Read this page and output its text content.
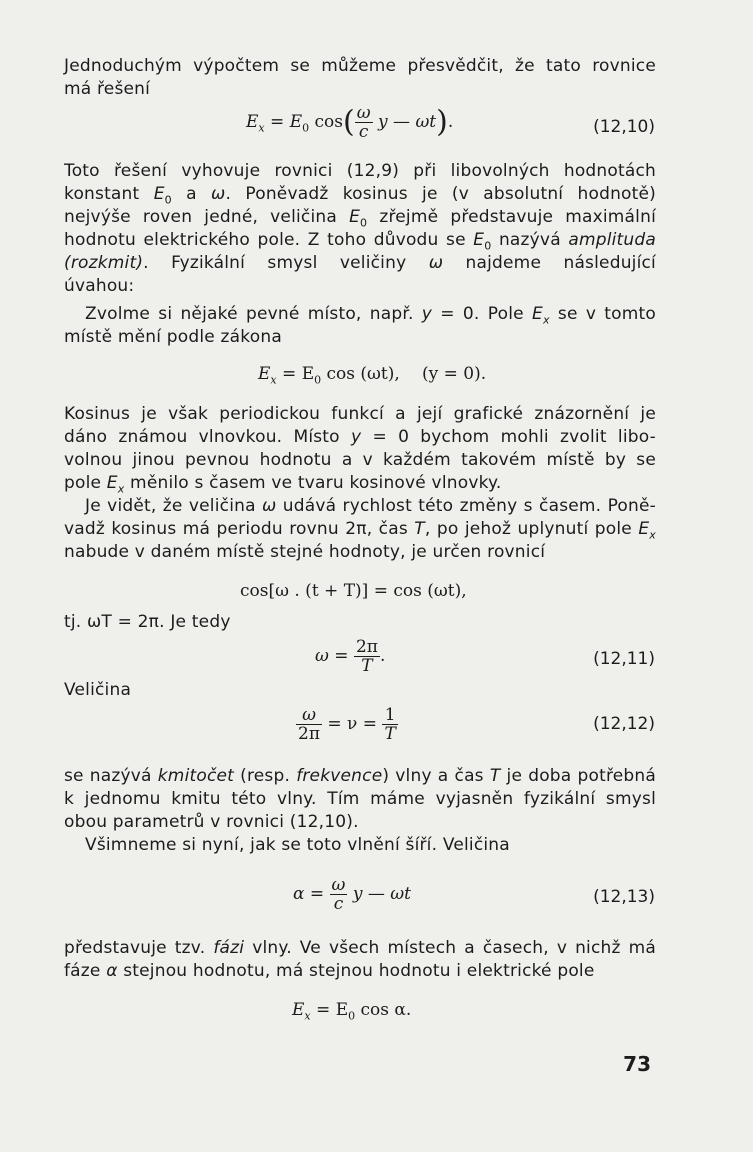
Jednoduchým výpočtem se můžeme přesvědčit, že tato rovnice
má řešení
$E_x = E_0$ $\cos( \frac{\omega}{c}$ y — ωt).	(12,10)
Toto řešení vyhovuje rovnici (12,9) při libovolných hodnotách
konstant $E_0$ a ω. Poněvadž kosinus je (v absolutní hodnotě)
nejvýše roven jedné, veličina $E_0$ zřejmě představuje maximální
hodnotu elektrického pole. Z toho důvodu se $E_0$ nazývá amplituda
(rozkmit). Fyzikální smysl veličiny ω najdeme následující
úvahou:
Zvolme si nějaké pevné místo, např. y = 0. Pole $E_x$ se v tomto
místě mění podle zákona
$E_x = E_0$ cos (ωt), (y = 0).
Kosinus je však periodickou funkcí a její grafické znázornění je
dáno známou vlnovkou. Místo y = 0 bychom mohli zvolit libo-
volnou jinou pevnou hodnotu a v každém takovém místě by se
pole $E_x$ měnilo s časem ve tvaru kosinové vlnovky.
Je vidět, že veličina ω udává rychlost této změny s časem. Poně-
vadž kosinus má periodu rovnu 2π, čas T, po jehož uplynutí pole $E_x$
nabude v daném místě stejné hodnoty, je určen rovnicí
cos[ω . (t + T)] = cos (ωt),
tj. ωT = 2π. Je tedy
$\omega = \frac{2\pi}{T}$ .	(12,11)
Veličina
$\frac{\omega}{2\pi} = \nu = \frac{1}{T}$	(12,12)
se nazývá kmitočet (resp. frekvence) vlny a čas T je doba potřebná
k jednomu kmitu této vlny. Tím máme vyjasněn fyzikální smysl
obou parametrů v rovnici (12,10).
Všimneme si nyní, jak se toto vlnění šíří. Veličina
$\alpha = \frac{\omega}{c}$ y — ωt	(12,13)
představuje tzv. fázi vlny. Ve všech místech a časech, v nichž má
fáze α stejnou hodnotu, má stejnou hodnotu i elektrické pole
$E_x = E_0$ cos α.
73
